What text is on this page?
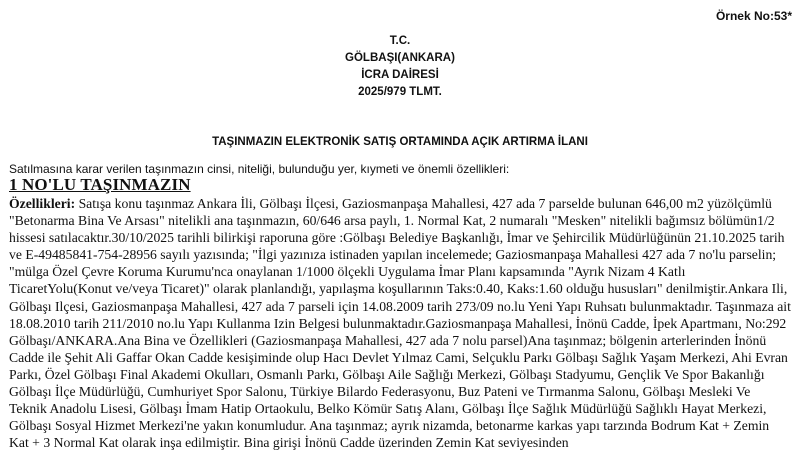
Örnek No:53*
T.C.
GÖLBAŞI(ANKARA)
İCRA DAİRESİ
2025/979 TLMT.
TAŞINMAZIN ELEKTRONİK SATIŞ ORTAMINDA AÇIK ARTIRMA İLANI
Satılmasına karar verilen taşınmazın cinsi, niteliği, bulunduğu yer, kıymeti ve önemli özellikleri:
1 NO'LU TAŞINMAZIN
Özellikleri: Satışa konu taşınmaz Ankara İli, Gölbaşı İlçesi, Gaziosmanpaşa Mahallesi, 427 ada 7 parselde bulunan 646,00 m2 yüzölçümlü "Betonarma Bina Ve Arsası" nitelikli ana taşınmazın, 60/646 arsa paylı, 1. Normal Kat, 2 numaralı "Mesken" nitelikli bağımsız bölümün1/2 hissesi satılacaktır.30/10/2025 tarihli bilirkişi raporuna göre :Gölbaşı Belediye Başkanlığı, İmar ve Şehircilik Müdürlüğünün 21.10.2025 tarih ve E-49485841-754-28956 sayılı yazısında; "İlgi yazınıza istinaden yapılan incelemede; Gaziosmanpaşa Mahallesi 427 ada 7 no'lu parselin; "mülga Özel Çevre Koruma Kurumu'nca onaylanan 1/1000 ölçekli Uygulama İmar Planı kapsamında "Ayrık Nizam 4 Katlı TicaretYolu(Konut ve/veya Ticaret)" olarak planlandığı, yapılaşma koşullarının Taks:0.40, Kaks:1.60 olduğu hususları" denilmiştir.Ankara Ili, Gölbaşı Ilçesi, Gaziosmanpaşa Mahallesi, 427 ada 7 parseli için 14.08.2009 tarih 273/09 no.lu Yeni Yapı Ruhsatı bulunmaktadır. Taşınmaza ait 18.08.2010 tarih 211/2010 no.lu Yapı Kullanma Izin Belgesi bulunmaktadır.Gaziosmanpaşa Mahallesi, İnönü Cadde, İpek Apartmanı, No:292 Gölbaşı/ANKARA.Ana Bina ve Özellikleri (Gaziosmanpaşa Mahallesi, 427 ada 7 nolu parsel)Ana taşınmaz; bölgenin arterlerinden İnönü Cadde ile Şehit Ali Gaffar Okan Cadde kesişiminde olup Hacı Devlet Yılmaz Cami, Selçuklu Parkı Gölbaşı Sağlık Yaşam Merkezi, Ahi Evran Parkı, Özel Gölbaşı Final Akademi Okulları, Osmanlı Parkı, Gölbaşı Aile Sağlığı Merkezi, Gölbaşı Stadyumu, Gençlik Ve Spor Bakanlığı Gölbaşı İlçe Müdürlüğü, Cumhuriyet Spor Salonu, Türkiye Bilardo Federasyonu, Buz Pateni ve Tırmanma Salonu, Gölbaşı Mesleki Ve Teknik Anadolu Lisesi, Gölbaşı İmam Hatip Ortaokulu, Belko Kömür Satış Alanı, Gölbaşı İlçe Sağlık Müdürlüğü Sağlıklı Hayat Merkezi, Gölbaşı Sosyal Hizmet Merkezi'ne yakın konumludur. Ana taşınmaz; ayrık nizamda, betonarme karkas yapı tarzında Bodrum Kat + Zemin Kat + 3 Normal Kat olarak inşa edilmiştir. Bina girişi İnönü Cadde üzerinden Zemin Kat seviyesinden
